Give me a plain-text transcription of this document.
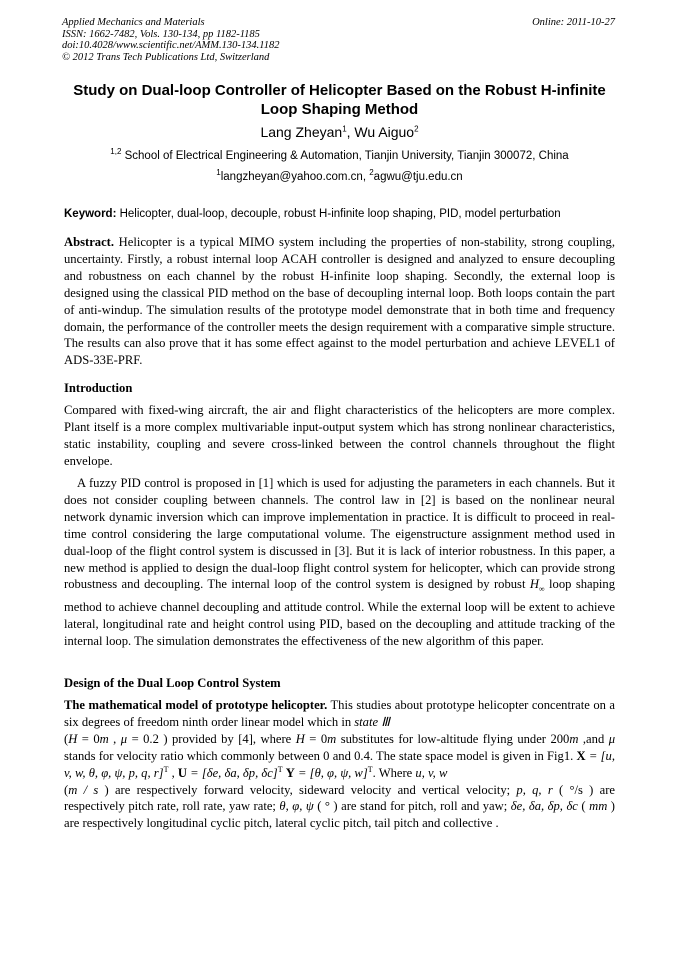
Applied Mechanics and Materials
ISSN: 1662-7482, Vols. 130-134, pp 1182-1185
doi:10.4028/www.scientific.net/AMM.130-134.1182
© 2012 Trans Tech Publications Ltd, Switzerland
Online: 2011-10-27
Study on Dual-loop Controller of Helicopter Based on the Robust H-infinite Loop Shaping Method
Lang Zheyan$^1$, Wu Aiguo$^2$
$^{1,2}$ School of Electrical Engineering & Automation, Tianjin University, Tianjin 300072, China
$^1$langzheyan@yahoo.com.cn, $^2$agwu@tju.edu.cn
Keyword: Helicopter, dual-loop, decouple, robust H-infinite loop shaping, PID, model perturbation
Abstract. Helicopter is a typical MIMO system including the properties of non-stability, strong coupling, uncertainty. Firstly, a robust internal loop ACAH controller is designed and analyzed to ensure decoupling and robustness on each channel by the robust H-infinite loop shaping. Secondly, the external loop is designed using the classical PID method on the base of decoupling internal loop. Both loops contain the part of anti-windup. The simulation results of the prototype model demonstrate that in both time and frequency domain, the performance of the controller meets the design requirement with a comparative simple structure. The results can also prove that it has some effect against to the model perturbation and achieve LEVEL1 of ADS-33E-PRF.
Introduction
Compared with fixed-wing aircraft, the air and flight characteristics of the helicopters are more complex. Plant itself is a more complex multivariable input-output system which has strong nonlinear characteristics, static instability, coupling and severe cross-linked between the control channels throughout the flight envelope.
A fuzzy PID control is proposed in [1] which is used for adjusting the parameters in each channels. But it does not consider coupling between channels. The control law in [2] is based on the nonlinear neural network dynamic inversion which can improve implementation in practice. It is difficult to proceed in real-time control considering the large computational volume. The eigenstructure assignment method used in dual-loop of the flight control system is discussed in [3]. But it is lack of interior robustness. In this paper, a new method is applied to design the dual-loop flight control system for helicopter, which can provide strong robustness and decoupling. The internal loop of the control system is designed by robust $H_\infty$ loop shaping method to achieve channel decoupling and attitude control. While the external loop will be extent to achieve lateral, longitudinal rate and height control using PID, based on the decoupling and attitude tracking of the internal loop. The simulation demonstrates the effectiveness of the new algorithm of this paper.
Design of the Dual Loop Control System
The mathematical model of prototype helicopter. This studies about prototype helicopter concentrate on a six degrees of freedom ninth order linear model which in state Ⅲ
(H = 0m , μ = 0.2 ) provided by [4], where H = 0m substitutes for low-altitude flying under 200m ,and μ stands for velocity ratio which commonly between 0 and 0.4. The state space model is given in Fig1. X = [u, v, w, θ, φ, ψ, p, q, r]$^T$ , U = [δe, δa, δp, δc]$^T$ Y = [θ, φ, ψ, w]$^T$. Where u, v, w
(m / s ) are respectively forward velocity, sideward velocity and vertical velocity; p, q, r ( °/s ) are respectively pitch rate, roll rate, yaw rate; θ, φ, ψ ( ° ) are stand for pitch, roll and yaw; δe, δa, δp, δc ( mm ) are respectively longitudinal cyclic pitch, lateral cyclic pitch, tail pitch and collective .
